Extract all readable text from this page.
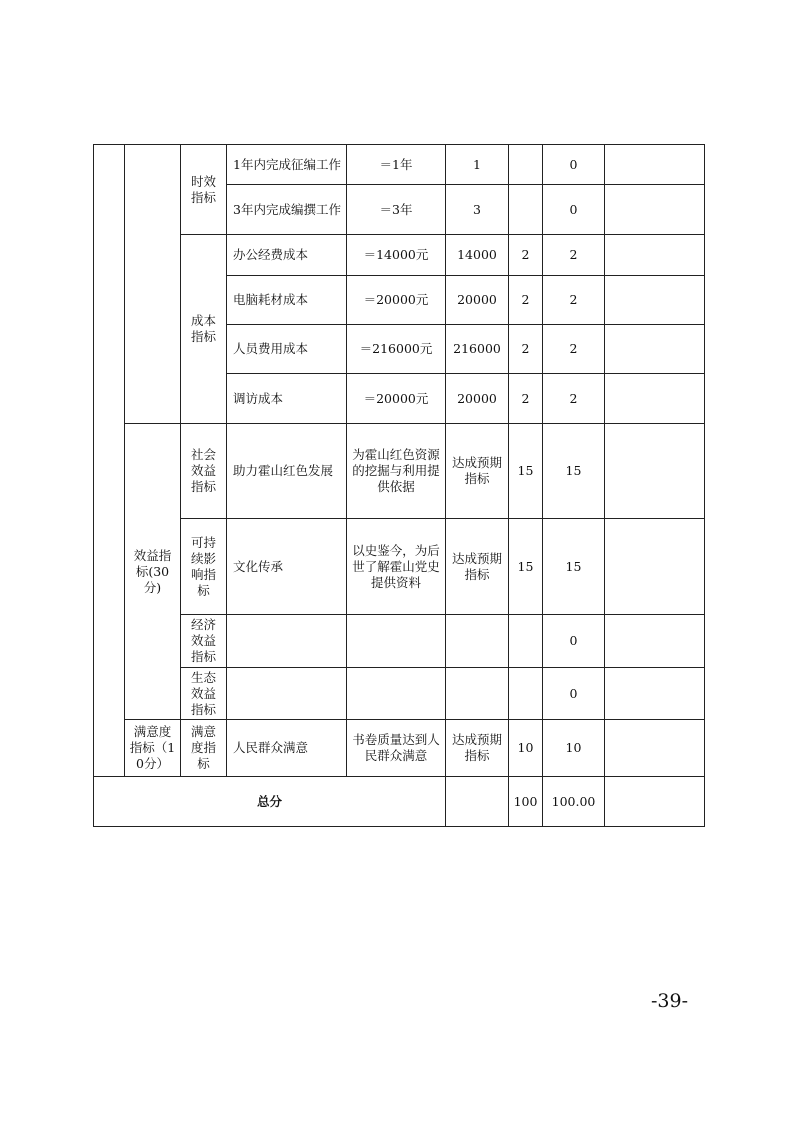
		时效指标	1年内完成征编工作	＝1年	1		0	
			3年内完成编撰工作	＝3年	3		0	
		成本指标	办公经费成本	＝14000元	14000	2	2	
			电脑耗材成本	＝20000元	20000	2	2	
			人员费用成本	＝216000元	216000	2	2	
			调访成本	＝20000元	20000	2	2	
	效益指标(30分)	社会效益指标	助力霍山红色发展	为霍山红色资源的挖掘与利用提供依据	达成预期指标	15	15	
		可持续影响指标	文化传承	以史鉴今，为后世了解霍山党史提供资料	达成预期指标	15	15	
		经济效益指标					0	
		生态效益指标					0	
	满意度指标（10分）	满意度指标	人民群众满意	书卷质量达到人民群众满意	达成预期指标	10	10	
总分						100	100.00	
-39-
